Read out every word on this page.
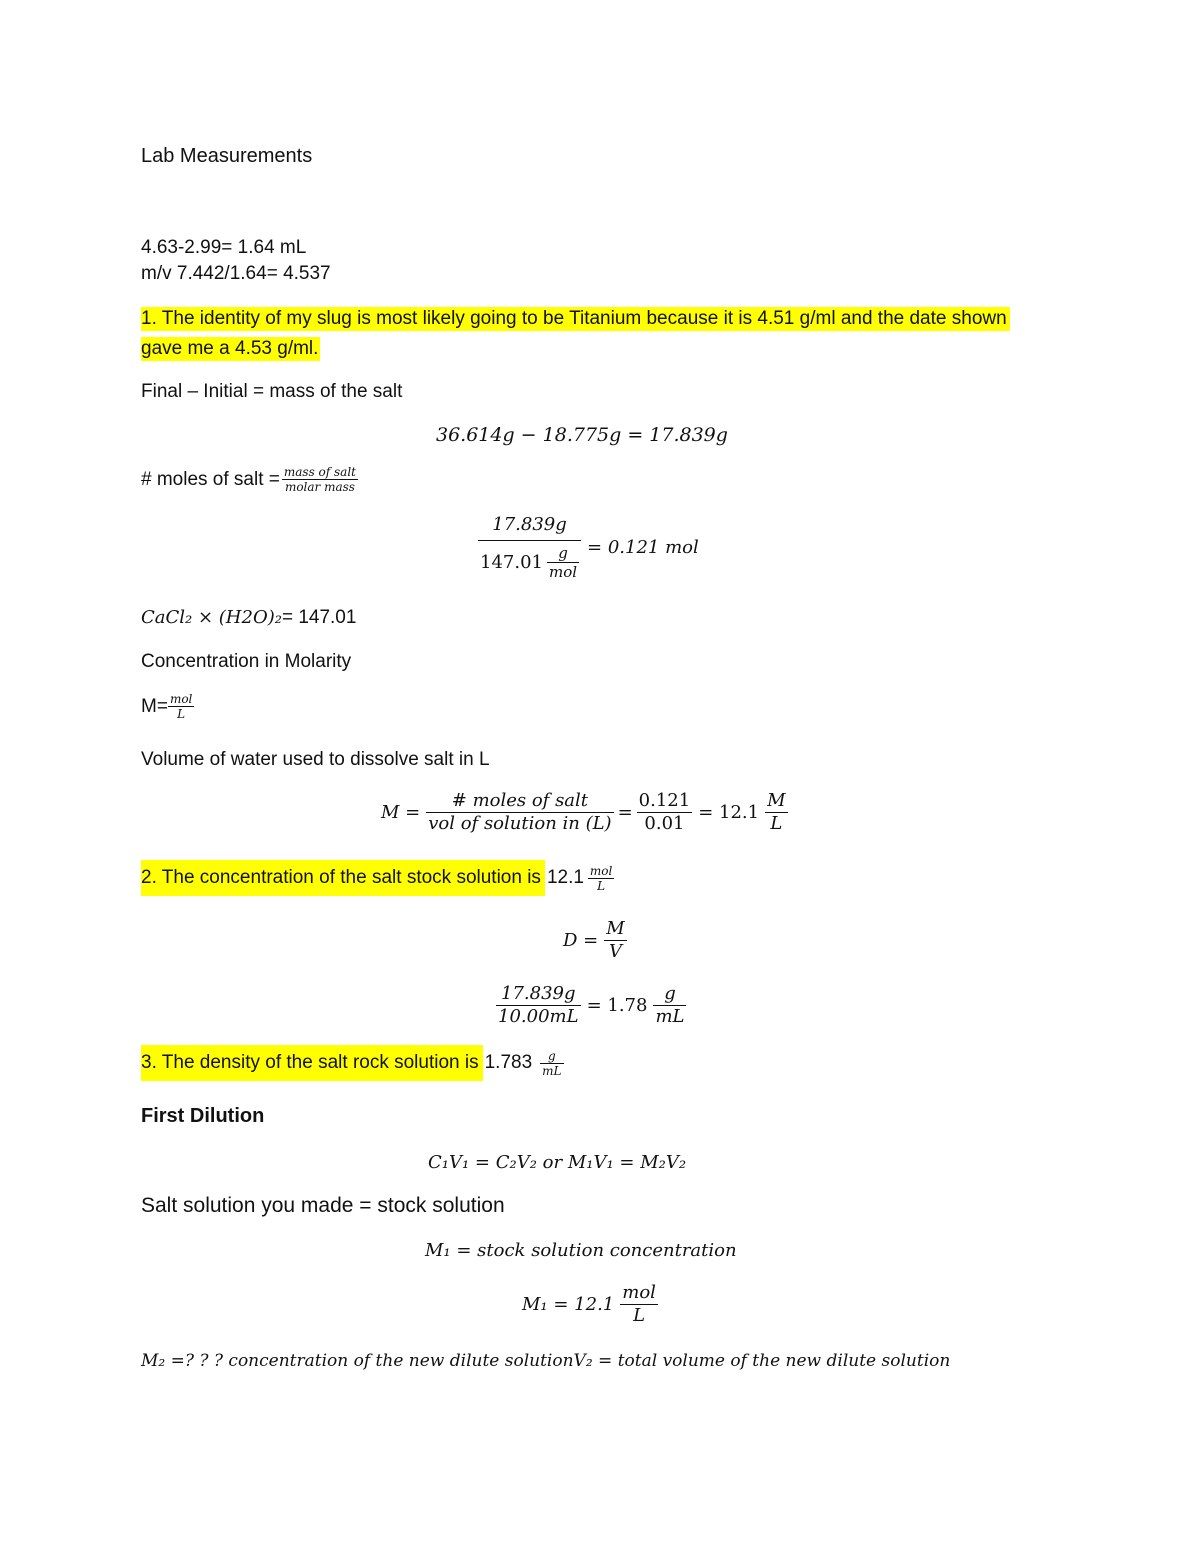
Lab Measurements
4.63-2.99= 1.64 mL
m/v 7.442/1.64= 4.537
1. The identity of my slug is most likely going to be Titanium because it is 4.51 g/ml and the date shown
gave me a 4.53 g/ml.
Final – Initial = mass of the salt
36.614g − 18.775g = 17.839g
# moles of salt = $\frac{\text{mass of salt}}{\text{molar mass}}$
$\frac{17.839g}{147.01 \frac{g}{\text{mol}}} = 0.121$ mol
CaCl₂ × (H2O)₂ = 147.01
Concentration in Molarity
$M= \frac{\text{mol}}{L}$
Volume of water used to dissolve salt in L
$M = \frac{\text{\# moles of salt}}{\text{vol of solution in (L)}} = \frac{0.121}{0.01} = 12.1 \frac{M}{L}$
2. The concentration of the salt stock solution is $12.1 \frac{\text{mol}}{L}$
$D = \frac{M}{V}$
$\frac{17.839g}{10.00mL} = 1.78 \frac{g}{mL}$
3. The density of the salt rock solution is $1.783 \frac{g}{mL}$
First Dilution
C₁V₁ = C₂V₂ or M₁V₁ = M₂V₂
Salt solution you made = stock solution
M₁ = stock solution concentration
$M_1 = 12.1 \frac{\text{mol}}{L}$
M₂ =? ? ? concentration of the new dilute solutionV₂ = total volume of the new dilute solution
